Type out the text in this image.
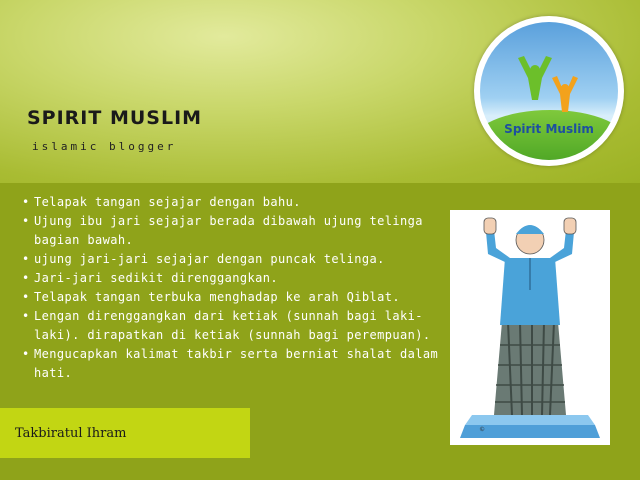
SPIRIT MUSLIM
islamic blogger
Spirit Muslim
• Telapak tangan sejajar dengan bahu.
• Ujung ibu jari sejajar berada dibawah ujung telinga bagian bawah.
• ujung jari-jari sejajar dengan puncak telinga.
• Jari-jari sedikit direnggangkan.
• Telapak tangan terbuka menghadap ke arah Qiblat.
• Lengan direnggangkan dari ketiak (sunnah bagi laki-laki). dirapatkan di ketiak (sunnah bagi perempuan).
• Mengucapkan kalimat takbir serta berniat shalat dalam hati.
©
Takbiratul Ihram
